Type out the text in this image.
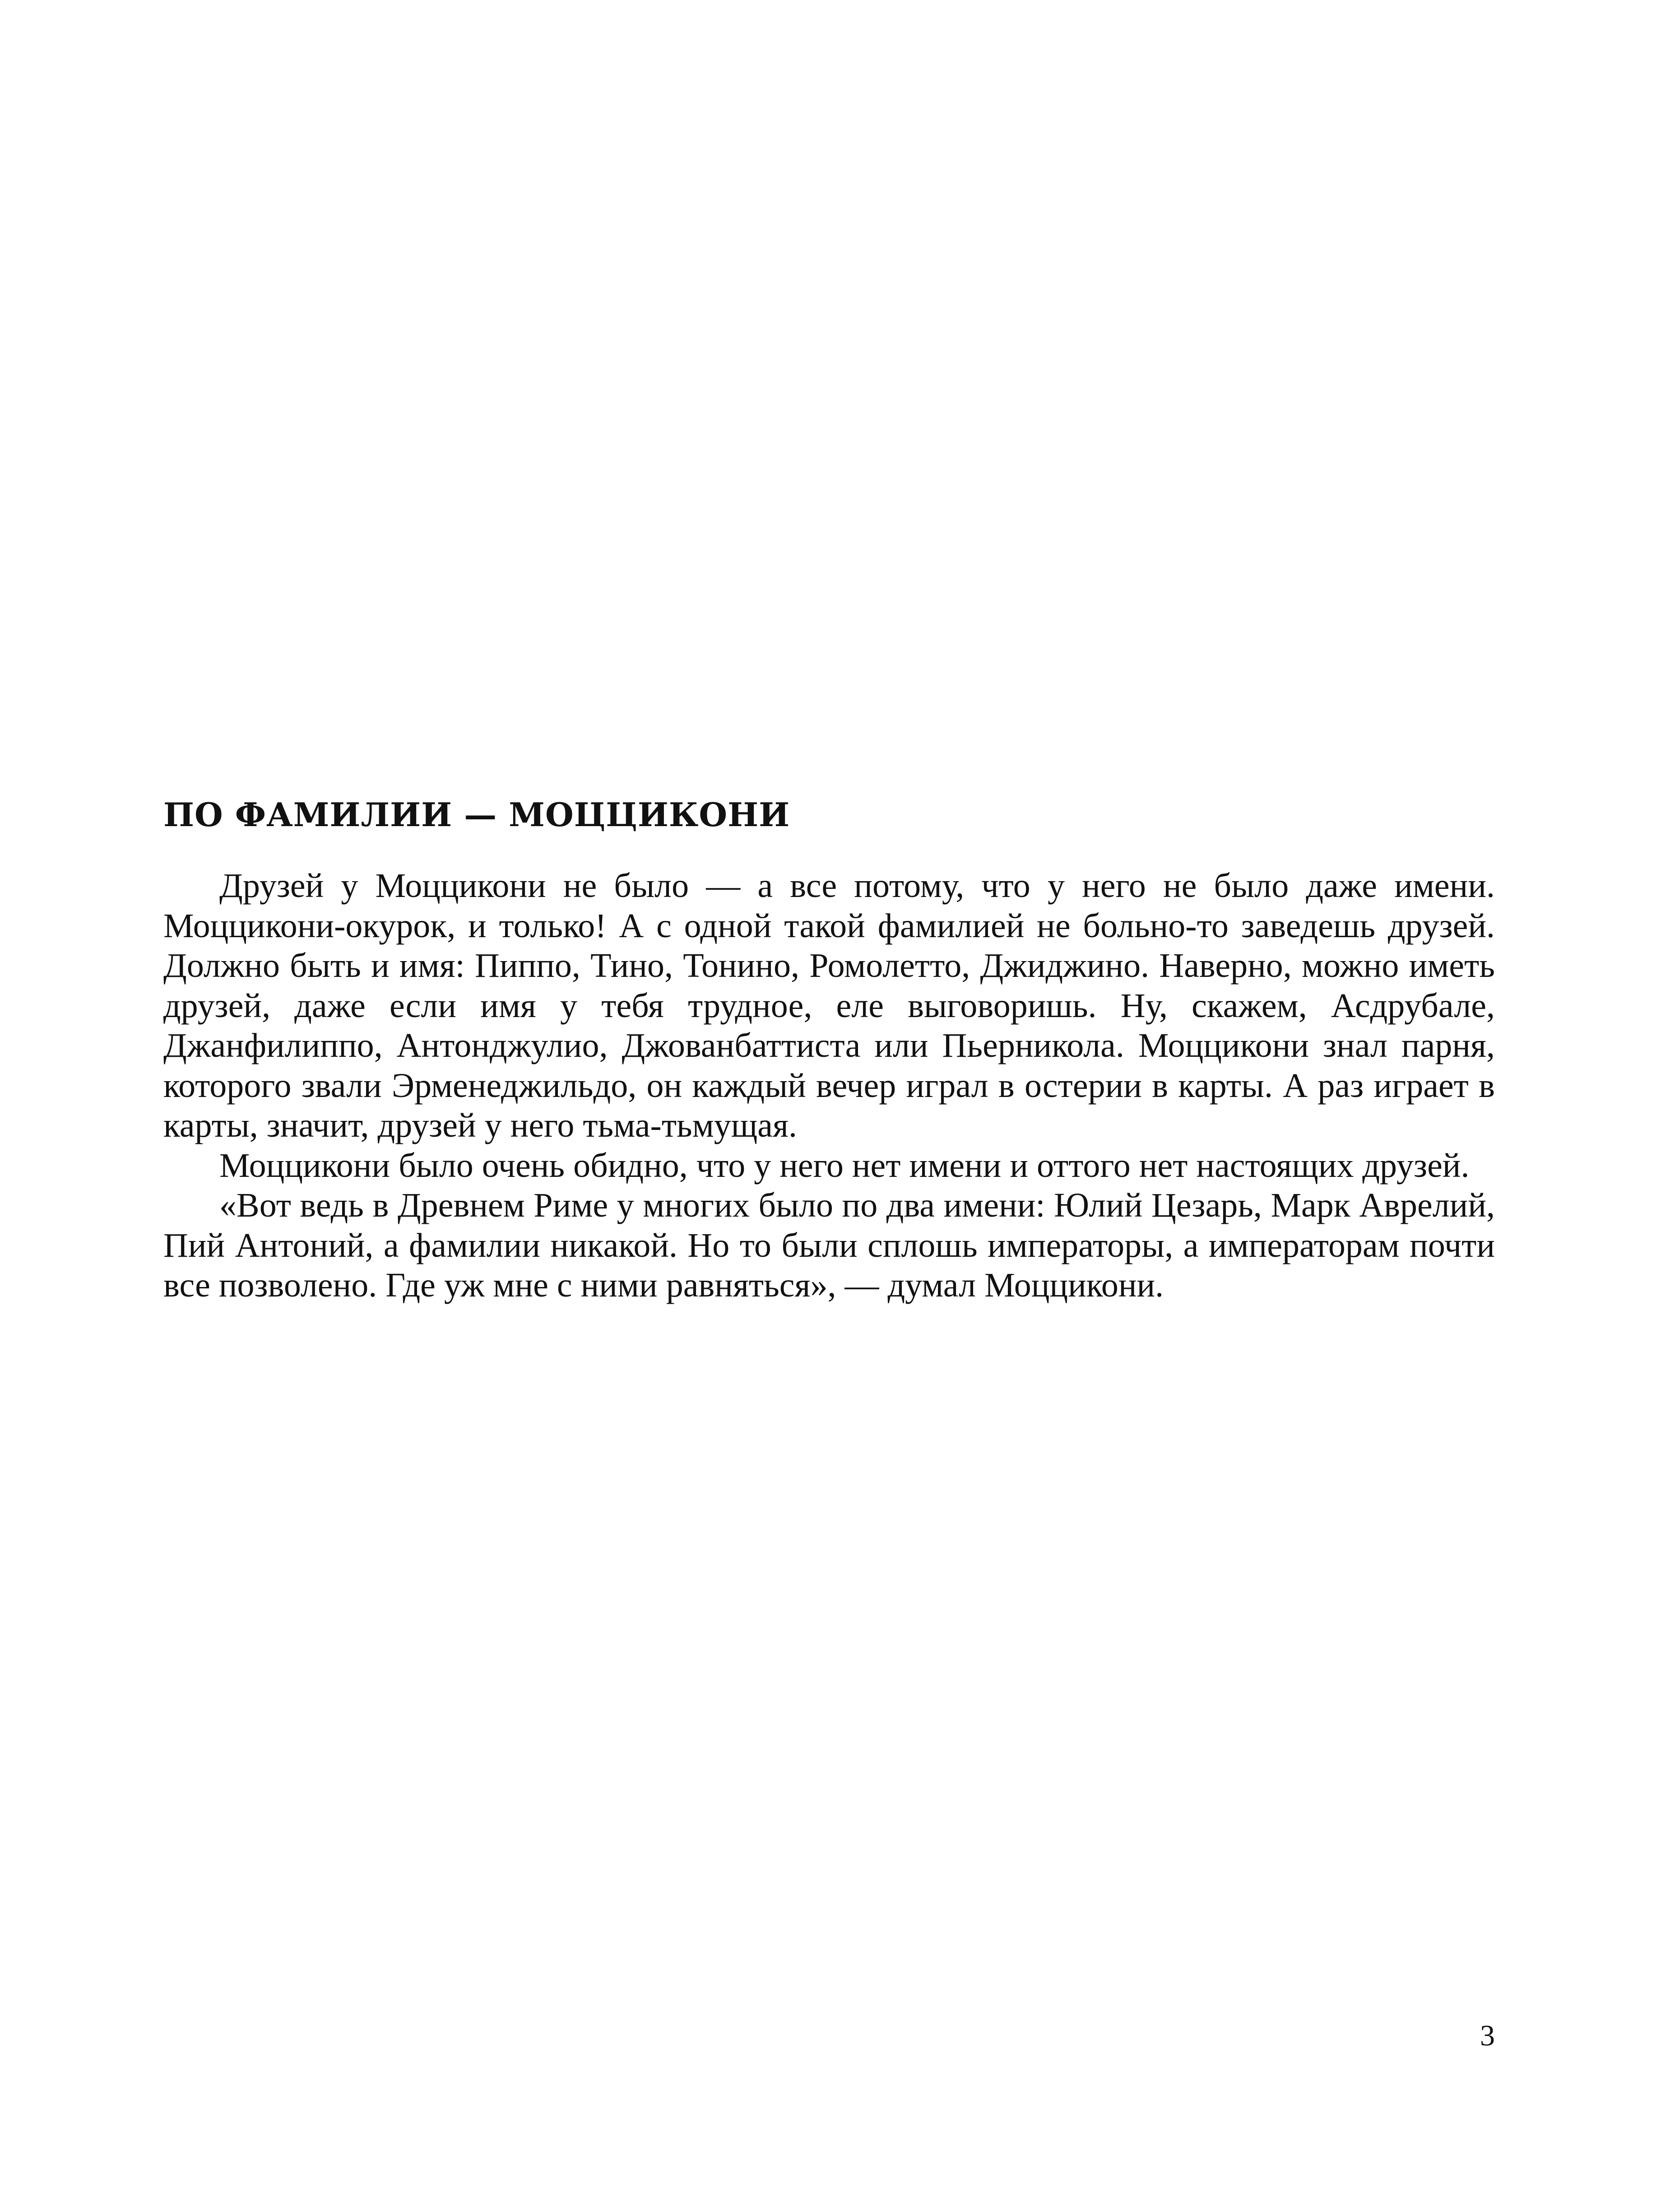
ПО ФАМИЛИИ — МОЦЦИКОНИ

Друзей у Моццикони не было — а все потому, что у него не было даже имени. Моццикони-окурок, и только! А с одной такой фамилией не больно-то заведешь друзей. Должно быть и имя: Пиппо, Тино, Тонино, Ромолетто, Джиджино. Наверно, можно иметь друзей, даже если имя у тебя трудное, еле выговоришь. Ну, скажем, Асдрубале, Джанфилиппо, Антонджулио, Джованбаттиста или Пьерникола. Моццикони знал парня, которого звали Эрменеджильдо, он каждый вечер играл в остерии в карты. А раз играет в карты, значит, друзей у него тьма-тьмущая.

Моццикони было очень обидно, что у него нет имени и оттого нет настоящих друзей.

«Вот ведь в Древнем Риме у многих было по два имени: Юлий Цезарь, Марк Аврелий, Пий Антоний, а фамилии никакой. Но то были сплошь императоры, а императорам почти все позволено. Где уж мне с ними равняться», — думал Моццикони.

3
